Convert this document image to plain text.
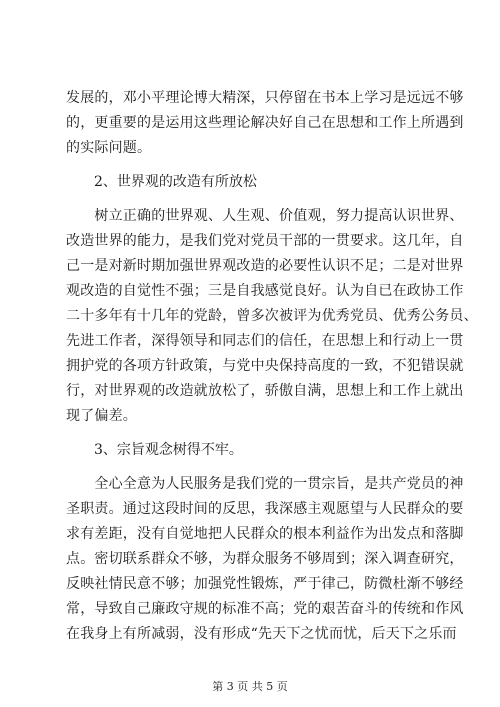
发展的，邓小平理论博大精深，只停留在书本上学习是远远不够
的，更重要的是运用这些理论解决好自己在思想和工作上所遇到
的实际问题。

2、世界观的改造有所放松

　　树立正确的世界观、人生观、价值观，努力提高认识世界、
改造世界的能力，是我们党对党员干部的一贯要求。这几年，自
己一是对新时期加强世界观改造的必要性认识不足；二是对世界
观改造的自觉性不强；三是自我感觉良好。认为自已在政协工作
二十多年有十几年的党龄，曾多次被评为优秀党员、优秀公务员、
先进工作者，深得领导和同志们的信任，在思想上和行动上一贯
拥护党的各项方针政策，与党中央保持高度的一致，不犯错误就
行，对世界观的改造就放松了，骄傲自满，思想上和工作上就出
现了偏差。

3、宗旨观念树得不牢。

　　全心全意为人民服务是我们党的一贯宗旨，是共产党员的神
圣职责。通过这段时间的反思，我深感主观愿望与人民群众的要
求有差距，没有自觉地把人民群众的根本利益作为出发点和落脚
点。密切联系群众不够，为群众服务不够周到；深入调查研究，
反映社情民意不够；加强党性锻炼，严于律己，防微杜渐不够经
常，导致自己廉政守规的标准不高；党的艰苦奋斗的传统和作风
在我身上有所减弱，没有形成“先天下之忧而忧，后天下之乐而

第 3 页 共 5 页
